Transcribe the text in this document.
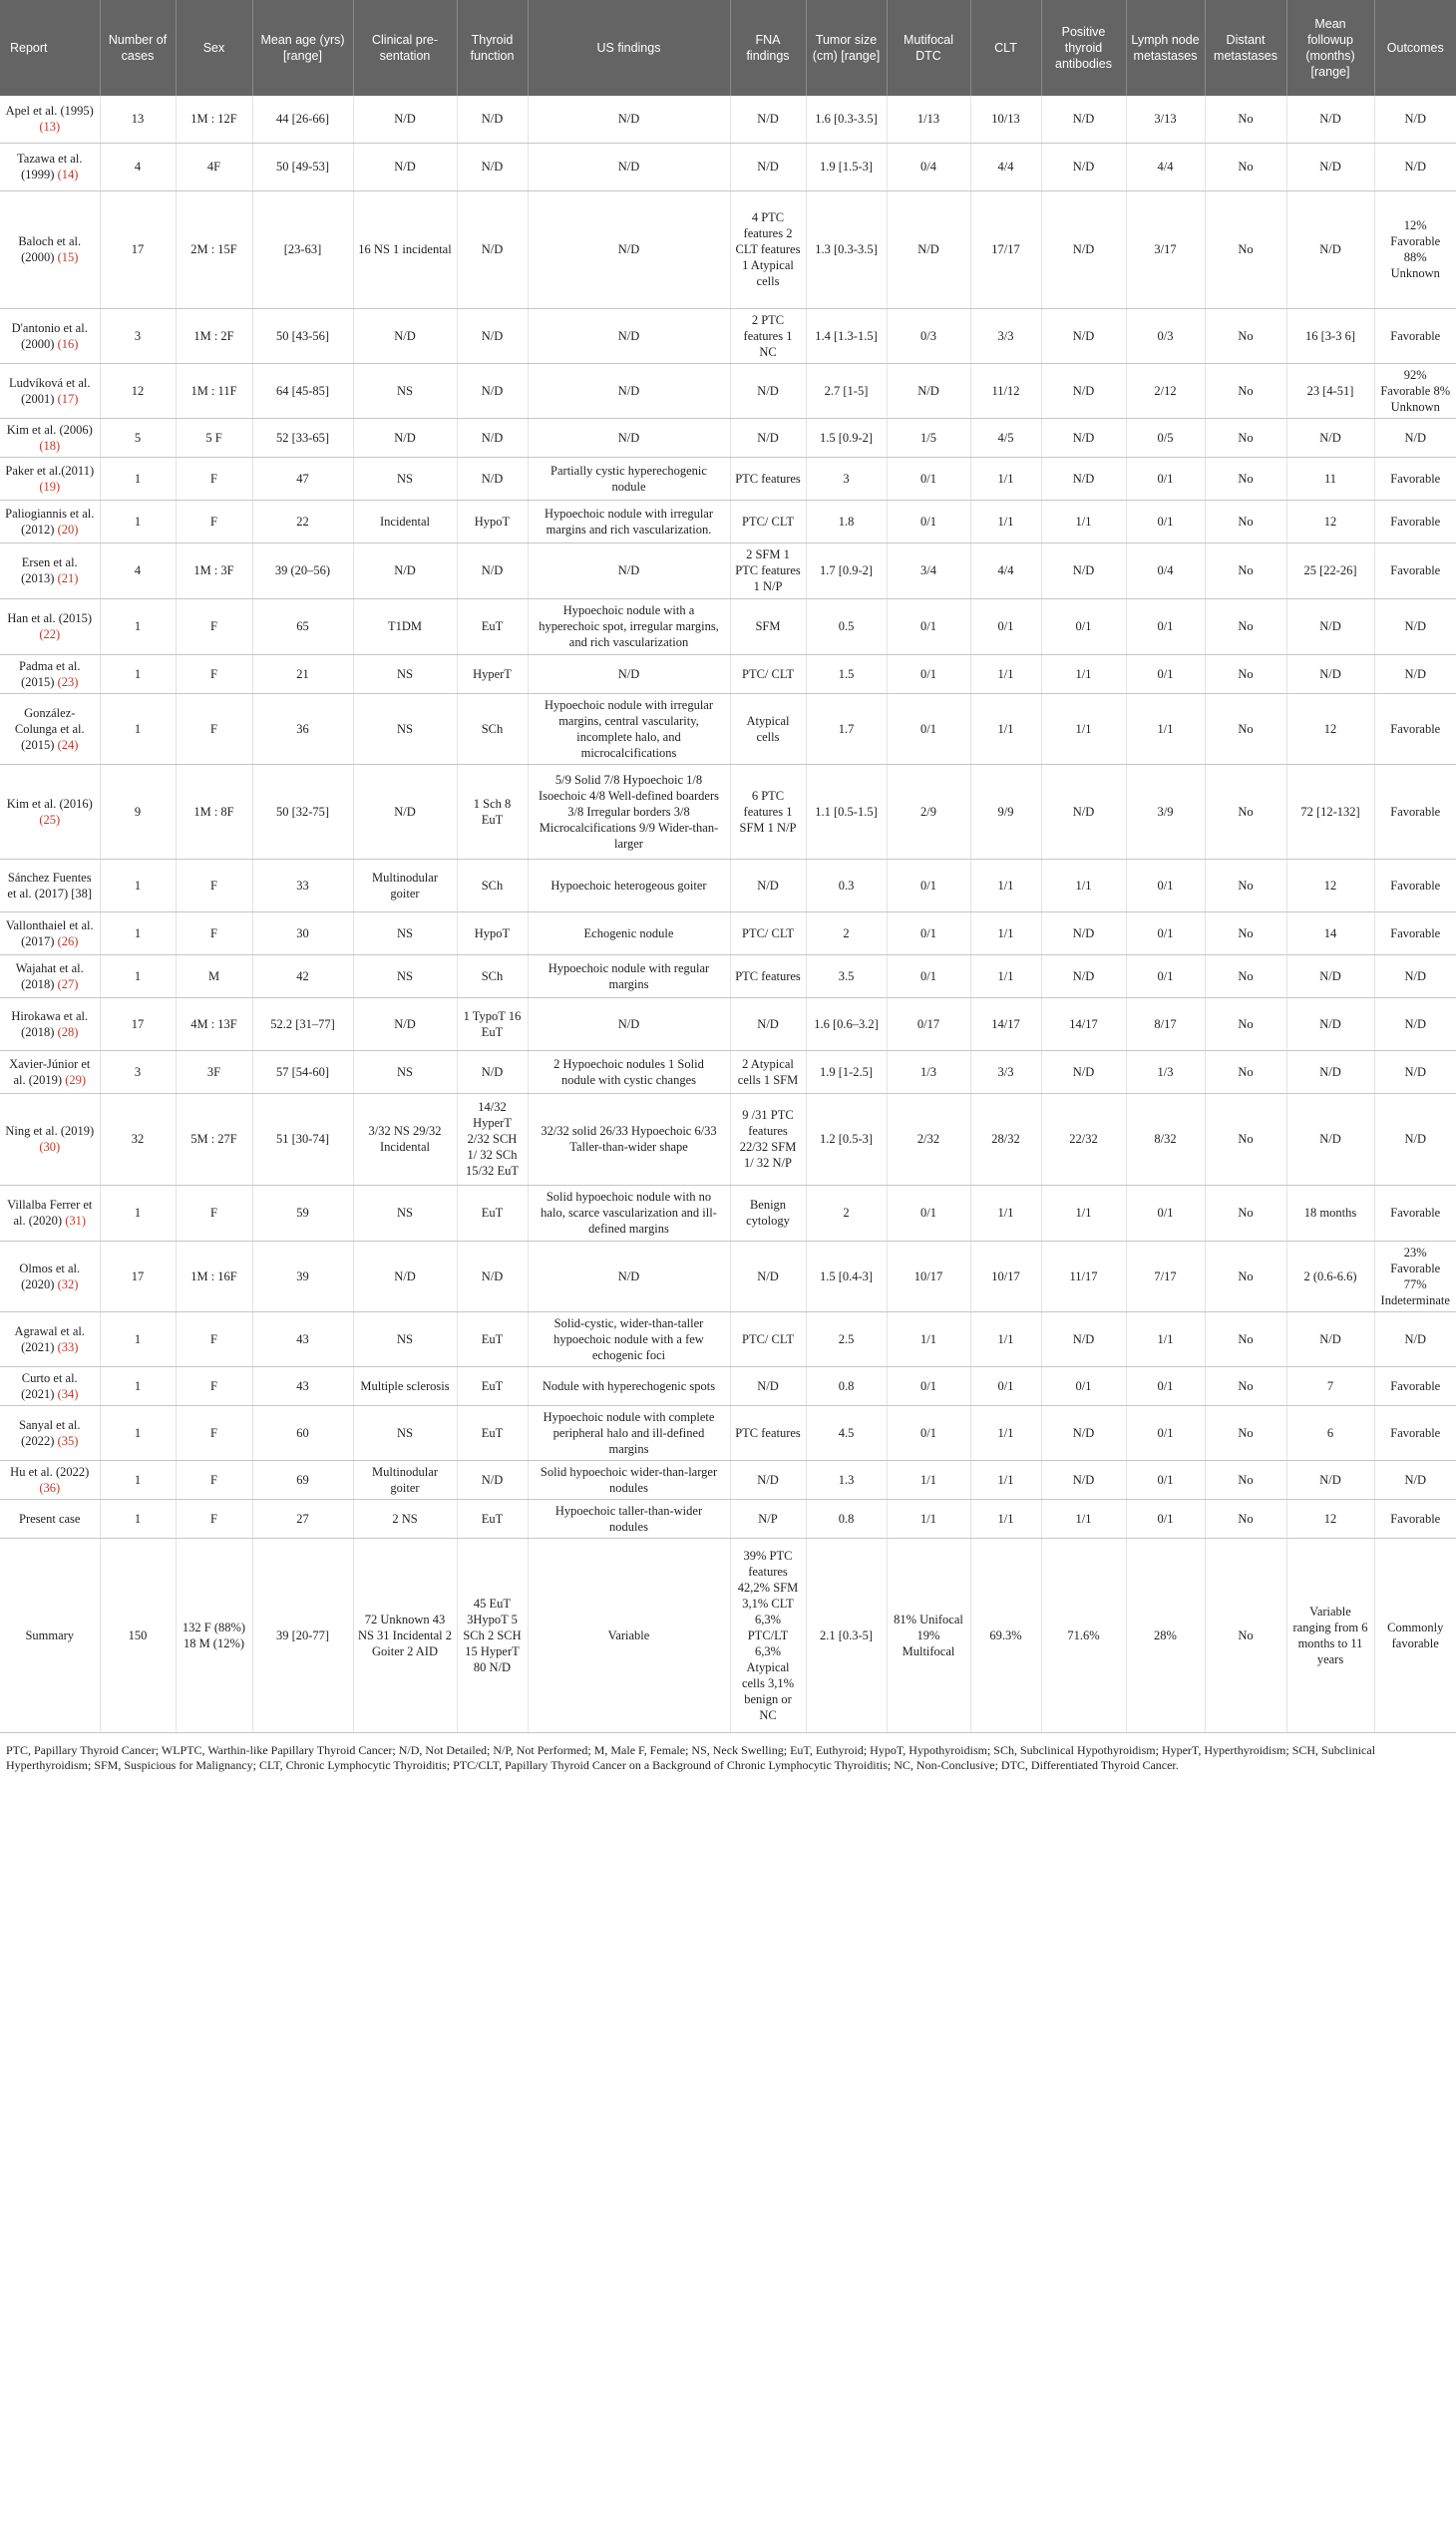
Report	Number of cases	Sex	Mean age (yrs) [range]	Clinical pre-sentation	Thyroid function	US findings	FNA findings	Tumor size (cm) [range]	Mutifocal DTC	CLT	Positive thyroid antibodies	Lymph node metastases	Distant metastases	Mean followup (months) [range]	Outcomes
Apel et al. (1995) (13)	13	1M : 12F	44 [26-66]	N/D	N/D	N/D	N/D	1.6 [0.3-3.5]	1/13	10/13	N/D	3/13	No	N/D	N/D
Tazawa et al. (1999) (14)	4	4F	50 [49-53]	N/D	N/D	N/D	N/D	1.9 [1.5-3]	0/4	4/4	N/D	4/4	No	N/D	N/D
Baloch et al. (2000) (15)	17	2M : 15F	[23-63]	16 NS 1 incidental	N/D	N/D	4 PTC features 2 CLT features 1 Atypical cells	1.3 [0.3-3.5]	N/D	17/17	N/D	3/17	No	N/D	12% Favorable 88% Unknown
D'antonio et al. (2000) (16)	3	1M : 2F	50 [43-56]	N/D	N/D	N/D	2 PTC features 1 NC	1.4 [1.3-1.5]	0/3	3/3	N/D	0/3	No	16 [3-3 6]	Favorable
Ludvíková et al. (2001) (17)	12	1M : 11F	64 [45-85]	NS	N/D	N/D	N/D	2.7 [1-5]	N/D	11/12	N/D	2/12	No	23 [4-51]	92% Favorable 8% Unknown
Kim et al. (2006) (18)	5	5 F	52 [33-65]	N/D	N/D	N/D	N/D	1.5 [0.9-2]	1/5	4/5	N/D	0/5	No	N/D	N/D
Paker et al.(2011) (19)	1	F	47	NS	N/D	Partially cystic hyperechogenic nodule	PTC features	3	0/1	1/1	N/D	0/1	No	11	Favorable
Paliogiannis et al. (2012) (20)	1	F	22	Incidental	HypoT	Hypoechoic nodule with irregular margins and rich vascularization.	PTC/ CLT	1.8	0/1	1/1	1/1	0/1	No	12	Favorable
Ersen et al. (2013) (21)	4	1M : 3F	39 (20–56)	N/D	N/D	N/D	2 SFM 1 PTC features 1 N/P	1.7 [0.9-2]	3/4	4/4	N/D	0/4	No	25 [22-26]	Favorable
Han et al. (2015) (22)	1	F	65	T1DM	EuT	Hypoechoic nodule with a hyperechoic spot, irregular margins, and rich vascularization	SFM	0.5	0/1	0/1	0/1	0/1	No	N/D	N/D
Padma et al. (2015) (23)	1	F	21	NS	HyperT	N/D	PTC/ CLT	1.5	0/1	1/1	1/1	0/1	No	N/D	N/D
González-Colunga et al. (2015) (24)	1	F	36	NS	SCh	Hypoechoic nodule with irregular margins, central vascularity, incomplete halo, and microcalcifications	Atypical cells	1.7	0/1	1/1	1/1	1/1	No	12	Favorable
Kim et al. (2016) (25)	9	1M : 8F	50 [32-75]	N/D	1 Sch 8 EuT	5/9 Solid 7/8 Hypoechoic 1/8 Isoechoic 4/8 Well-defined boarders 3/8 Irregular borders 3/8 Microcalcifications 9/9 Wider-than-larger	6 PTC features 1 SFM 1 N/P	1.1 [0.5-1.5]	2/9	9/9	N/D	3/9	No	72 [12-132]	Favorable
Sánchez Fuentes et al. (2017) [38]	1	F	33	Multinodular goiter	SCh	Hypoechoic heterogeous goiter	N/D	0.3	0/1	1/1	1/1	0/1	No	12	Favorable
Vallonthaiel et al. (2017) (26)	1	F	30	NS	HypoT	Echogenic nodule	PTC/ CLT	2	0/1	1/1	N/D	0/1	No	14	Favorable
Wajahat et al. (2018) (27)	1	M	42	NS	SCh	Hypoechoic nodule with regular margins	PTC features	3.5	0/1	1/1	N/D	0/1	No	N/D	N/D
Hirokawa et al. (2018) (28)	17	4M : 13F	52.2 [31–77]	N/D	1 TypoT 16 EuT	N/D	N/D	1.6 [0.6–3.2]	0/17	14/17	14/17	8/17	No	N/D	N/D
Xavier-Júnior et al. (2019) (29)	3	3F	57 [54-60]	NS	N/D	2 Hypoechoic nodules 1 Solid nodule with cystic changes	2 Atypical cells 1 SFM	1.9 [1-2.5]	1/3	3/3	N/D	1/3	No	N/D	N/D
Ning et al. (2019) (30)	32	5M : 27F	51 [30-74]	3/32 NS 29/32 Incidental	14/32 HyperT 2/32 SCH 1/ 32 SCh 15/32 EuT	32/32 solid 26/33 Hypoechoic 6/33 Taller-than-wider shape	9 /31 PTC features 22/32 SFM 1/ 32 N/P	1.2 [0.5-3]	2/32	28/32	22/32	8/32	No	N/D	N/D
Villalba Ferrer et al. (2020) (31)	1	F	59	NS	EuT	Solid hypoechoic nodule with no halo, scarce vascularization and ill-defined margins	Benign cytology	2	0/1	1/1	1/1	0/1	No	18 months	Favorable
Olmos et al. (2020) (32)	17	1M : 16F	39	N/D	N/D	N/D	N/D	1.5 [0.4-3]	10/17	10/17	11/17	7/17	No	2 (0.6-6.6)	23% Favorable 77% Indeterminate
Agrawal et al. (2021) (33)	1	F	43	NS	EuT	Solid-cystic, wider-than-taller hypoechoic nodule with a few echogenic foci	PTC/ CLT	2.5	1/1	1/1	N/D	1/1	No	N/D	N/D
Curto et al. (2021) (34)	1	F	43	Multiple sclerosis	EuT	Nodule with hyperechogenic spots	N/D	0.8	0/1	0/1	0/1	0/1	No	7	Favorable
Sanyal et al. (2022) (35)	1	F	60	NS	EuT	Hypoechoic nodule with complete peripheral halo and ill-defined margins	PTC features	4.5	0/1	1/1	N/D	0/1	No	6	Favorable
Hu et al. (2022) (36)	1	F	69	Multinodular goiter	N/D	Solid hypoechoic wider-than-larger nodules	N/D	1.3	1/1	1/1	N/D	0/1	No	N/D	N/D
Present case	1	F	27	2 NS	EuT	Hypoechoic taller-than-wider nodules	N/P	0.8	1/1	1/1	1/1	0/1	No	12	Favorable
Summary	150	132 F (88%) 18 M (12%)	39 [20-77]	72 Unknown 43 NS 31 Incidental 2 Goiter 2 AID	45 EuT 3HypoT 5 SCh 2 SCH 15 HyperT 80 N/D	Variable	39% PTC features 42,2% SFM 3,1% CLT 6,3% PTC/LT 6,3% Atypical cells 3,1% benign or NC	2.1 [0.3-5]	81% Unifocal 19% Multifocal	69.3%	71.6%	28%	No	Variable ranging from 6 months to 11 years	Commonly favorable
PTC, Papillary Thyroid Cancer; WLPTC, Warthin-like Papillary Thyroid Cancer; N/D, Not Detailed; N/P, Not Performed; M, Male F, Female; NS, Neck Swelling; EuT, Euthyroid; HypoT, Hypothyroidism; SCh, Subclinical Hypothyroidism; HyperT, Hyperthyroidism; SCH, Subclinical Hyperthyroidism; SFM, Suspicious for Malignancy; CLT, Chronic Lymphocytic Thyroiditis; PTC/CLT, Papillary Thyroid Cancer on a Background of Chronic Lymphocytic Thyroiditis; NC, Non-Conclusive; DTC, Differentiated Thyroid Cancer.
